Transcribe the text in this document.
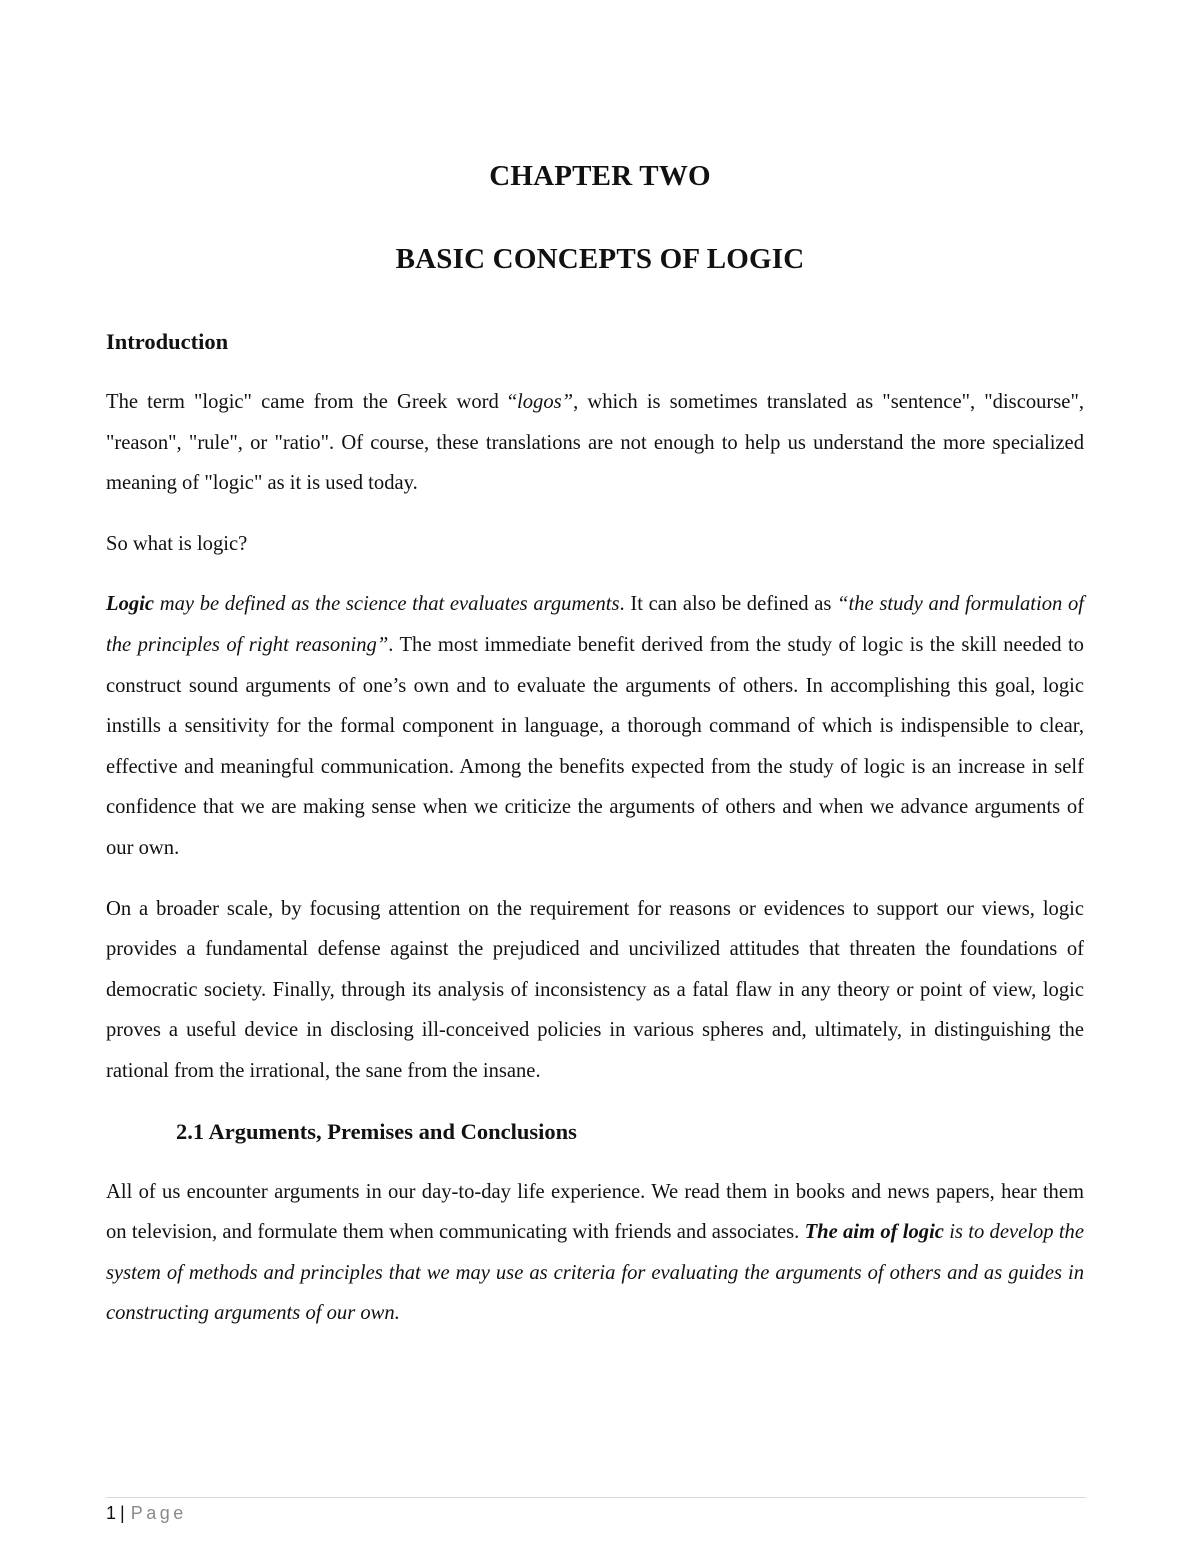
CHAPTER TWO
BASIC CONCEPTS OF LOGIC
Introduction

The term "logic" came from the Greek word “logos”, which is sometimes translated as "sentence", "discourse", "reason", "rule", or "ratio". Of course, these translations are not enough to help us understand the more specialized meaning of "logic" as it is used today.

So what is logic?

Logic may be defined as the science that evaluates arguments. It can also be defined as “the study and formulation of the principles of right reasoning”. The most immediate benefit derived from the study of logic is the skill needed to construct sound arguments of one’s own and to evaluate the arguments of others. In accomplishing this goal, logic instills a sensitivity for the formal component in language, a thorough command of which is indispensible to clear, effective and meaningful communication. Among the benefits expected from the study of logic is an increase in self confidence that we are making sense when we criticize the arguments of others and when we advance arguments of our own.

On a broader scale, by focusing attention on the requirement for reasons or evidences to support our views, logic provides a fundamental defense against the prejudiced and uncivilized attitudes that threaten the foundations of democratic society. Finally, through its analysis of inconsistency as a fatal flaw in any theory or point of view, logic proves a useful device in disclosing ill-conceived policies in various spheres and, ultimately, in distinguishing the rational from the irrational, the sane from the insane.

2.1 Arguments, Premises and Conclusions

All of us encounter arguments in our day-to-day life experience. We read them in books and news papers, hear them on television, and formulate them when communicating with friends and associates. The aim of logic is to develop the system of methods and principles that we may use as criteria for evaluating the arguments of others and as guides in constructing arguments of our own.

1 | Page
